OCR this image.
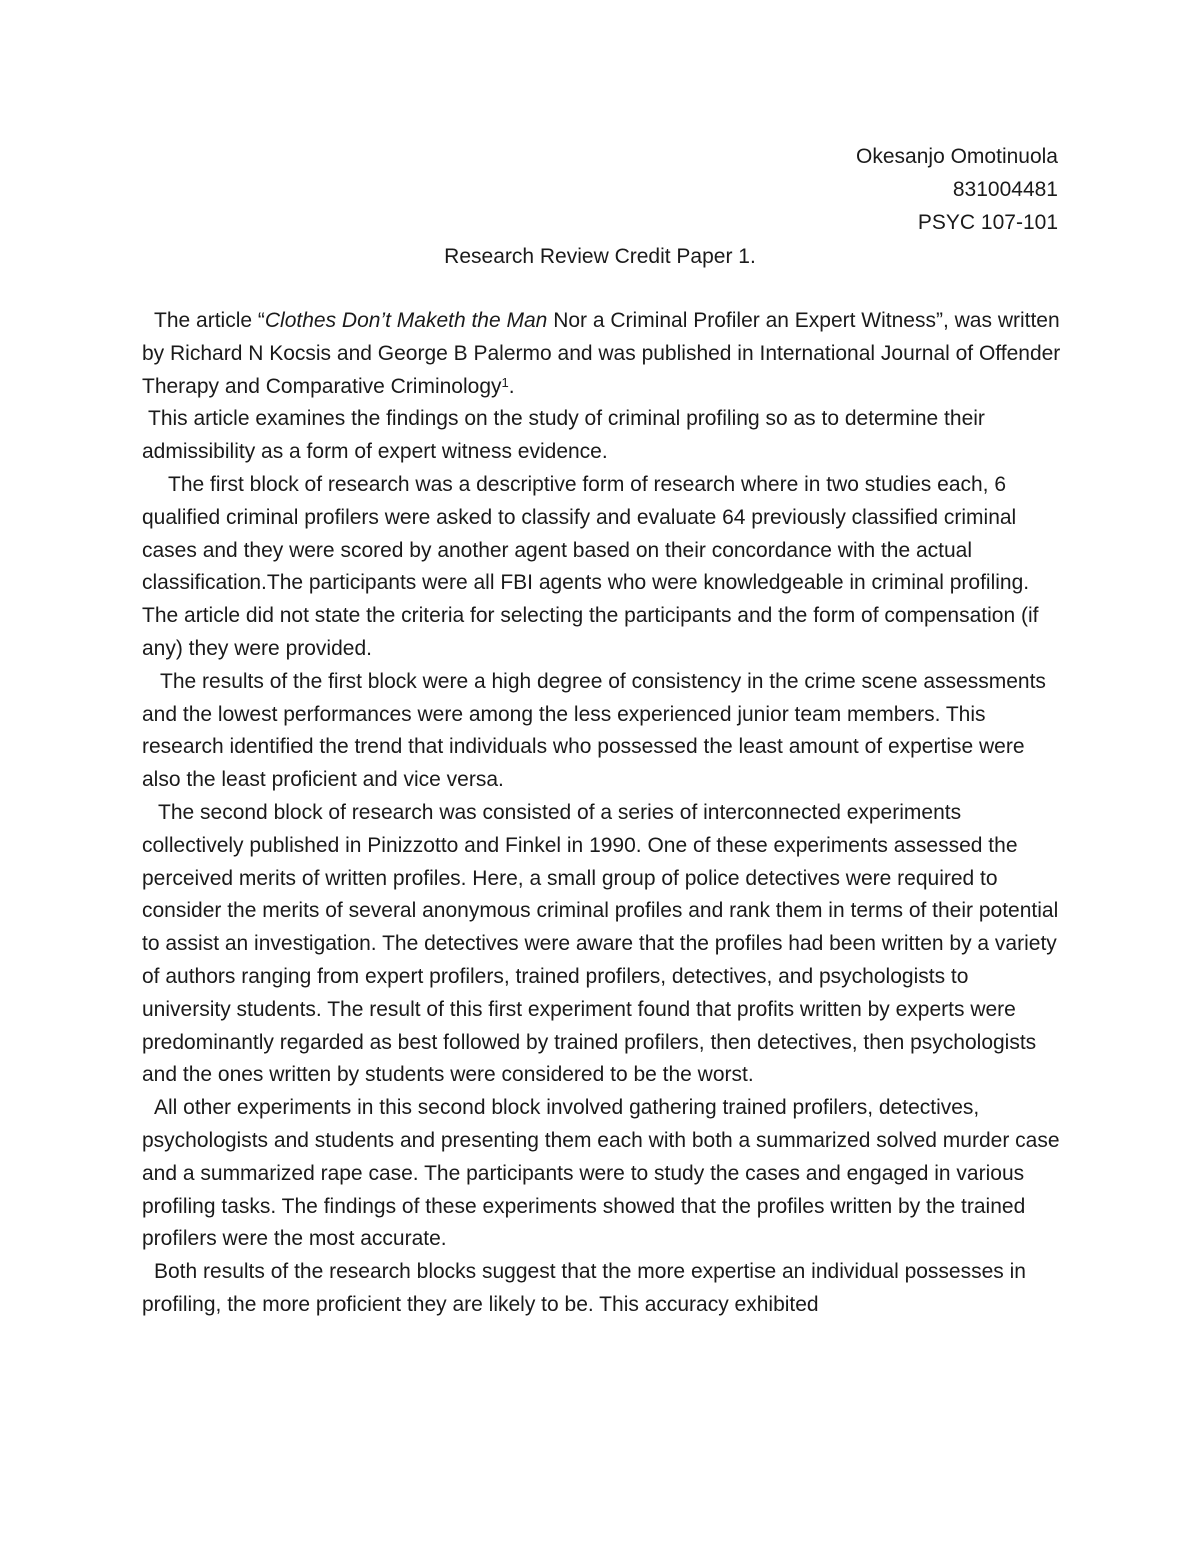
Okesanjo Omotinuola
831004481
PSYC 107-101
Research Review Credit Paper 1.

The article “Clothes Don’t Maketh the Man Nor a Criminal Profiler an Expert Witness”, was written by Richard N Kocsis and George B Palermo and was published in International Journal of Offender Therapy and Comparative Criminology$^1$.

This article examines the findings on the study of criminal profiling so as to determine their admissibility as a form of expert witness evidence.

The first block of research was a descriptive form of research where in two studies each, 6 qualified criminal profilers were asked to classify and evaluate 64 previously classified criminal cases and they were scored by another agent based on their concordance with the actual classification.The participants were all FBI agents who were knowledgeable in criminal profiling. The article did not state the criteria for selecting the participants and the form of compensation (if any) they were provided.

The results of the first block were a high degree of consistency in the crime scene assessments and the lowest performances were among the less experienced junior team members. This research identified the trend that individuals who possessed the least amount of expertise were also the least proficient and vice versa.

The second block of research was consisted of a series of interconnected experiments collectively published in Pinizzotto and Finkel in 1990. One of these experiments assessed the perceived merits of written profiles. Here, a small group of police detectives were required to consider the merits of several anonymous criminal profiles and rank them in terms of their potential to assist an investigation. The detectives were aware that the profiles had been written by a variety of authors ranging from expert profilers, trained profilers, detectives, and psychologists to university students. The result of this first experiment found that profits written by experts were predominantly regarded as best followed by trained profilers, then detectives, then psychologists and the ones written by students were considered to be the worst.

All other experiments in this second block involved gathering trained profilers, detectives, psychologists and students and presenting them each with both a summarized solved murder case and a summarized rape case. The participants were to study the cases and engaged in various profiling tasks. The findings of these experiments showed that the profiles written by the trained profilers were the most accurate.

Both results of the research blocks suggest that the more expertise an individual possesses in profiling, the more proficient they are likely to be. This accuracy exhibited
